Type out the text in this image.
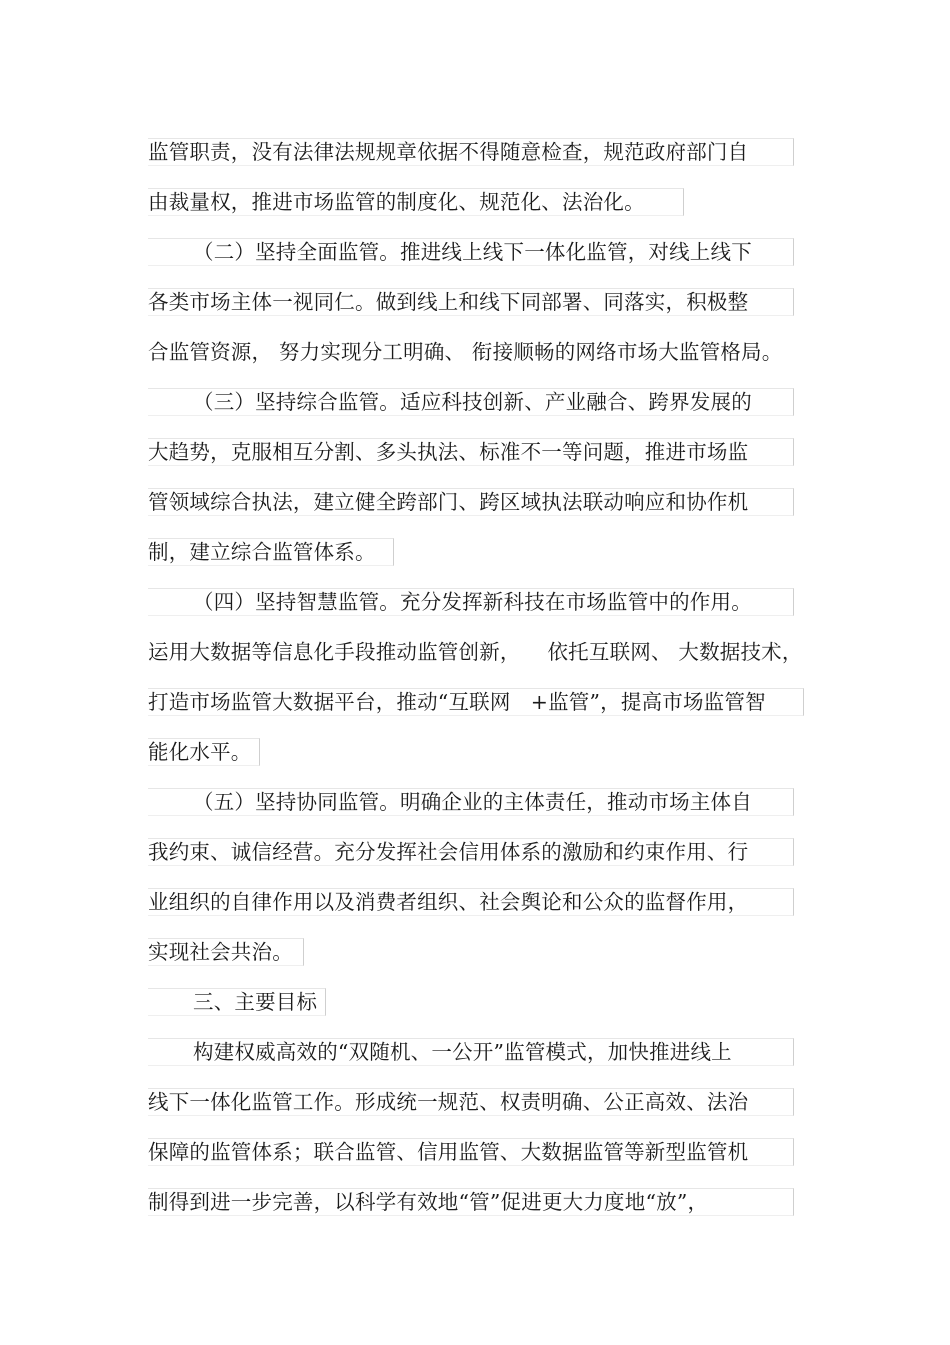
监管职责，没有法律法规规章依据不得随意检查，规范政府部门自
由裁量权，推进市场监管的制度化、规范化、法治化。
（二）坚持全面监管。推进线上线下一体化监管，对线上线下
各类市场主体一视同仁。做到线上和线下同部署、同落实，积极整
合监管资源， 努力实现分工明确、 衔接顺畅的网络市场大监管格局。
（三）坚持综合监管。适应科技创新、产业融合、跨界发展的
大趋势，克服相互分割、多头执法、标准不一等问题，推进市场监
管领域综合执法，建立健全跨部门、跨区域执法联动响应和协作机
制，建立综合监管体系。
（四）坚持智慧监管。充分发挥新科技在市场监管中的作用。
运用大数据等信息化手段推动监管创新，    依托互联网、 大数据技术，
打造市场监管大数据平台，推动“互联网   +监管”，提高市场监管智
能化水平。
（五）坚持协同监管。明确企业的主体责任，推动市场主体自
我约束、诚信经营。充分发挥社会信用体系的激励和约束作用、行
业组织的自律作用以及消费者组织、社会舆论和公众的监督作用，
实现社会共治。
三、主要目标
构建权威高效的“双随机、一公开”监管模式，加快推进线上
线下一体化监管工作。形成统一规范、权责明确、公正高效、法治
保障的监管体系；联合监管、信用监管、大数据监管等新型监管机
制得到进一步完善，以科学有效地“管”促进更大力度地“放”，
